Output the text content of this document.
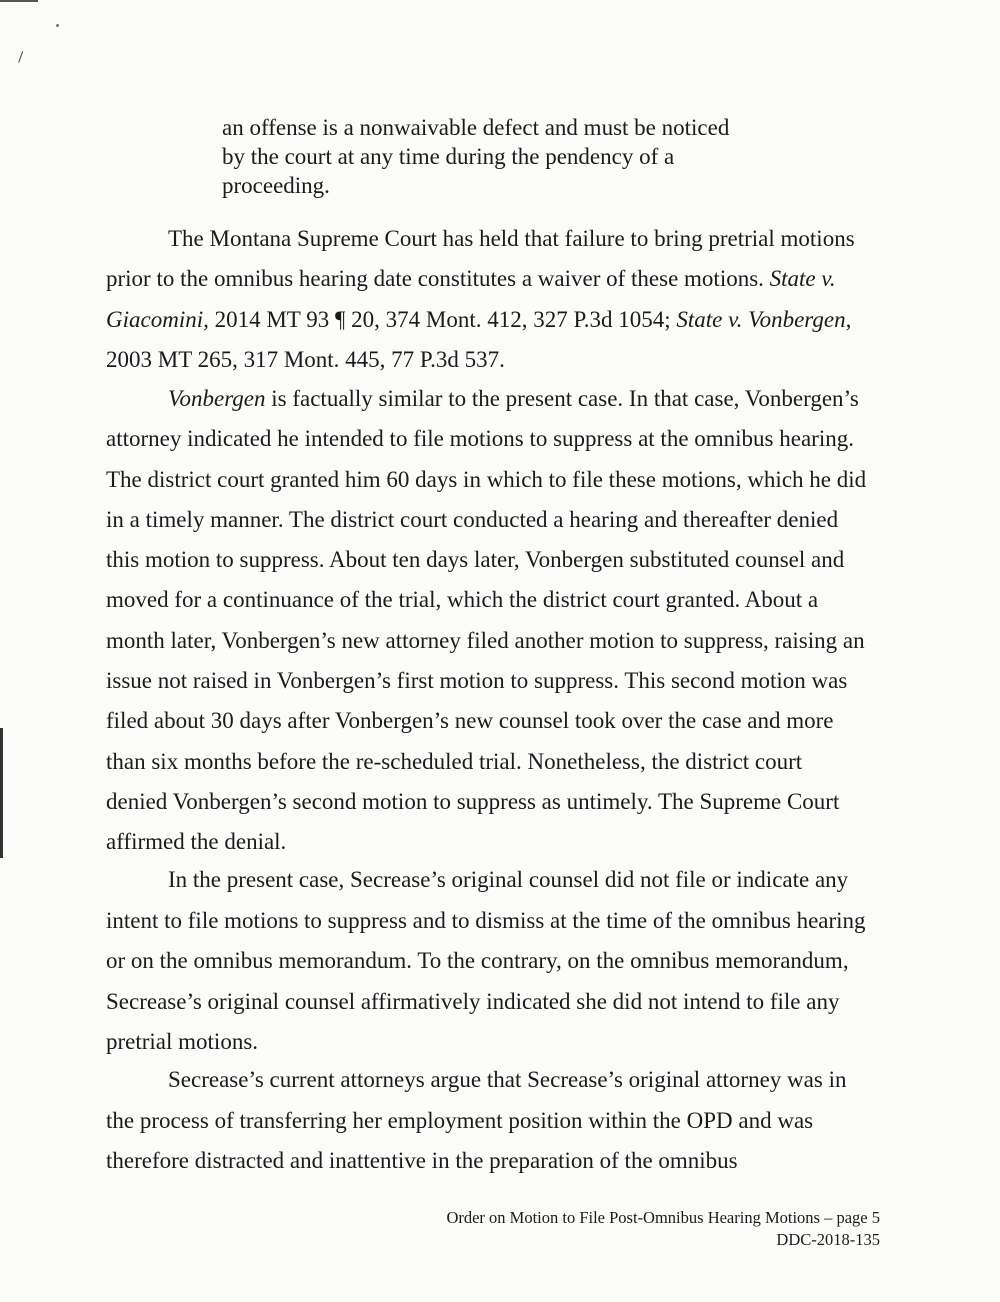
an offense is a nonwaivable defect and must be noticed
by the court at any time during the pendency of a
proceeding.

The Montana Supreme Court has held that failure to bring pretrial motions
prior to the omnibus hearing date constitutes a waiver of these motions. State v.
Giacomini, 2014 MT 93 ¶ 20, 374 Mont. 412, 327 P.3d 1054; State v. Vonbergen,
2003 MT 265, 317 Mont. 445, 77 P.3d 537.

Vonbergen is factually similar to the present case. In that case, Vonbergen’s
attorney indicated he intended to file motions to suppress at the omnibus hearing.
The district court granted him 60 days in which to file these motions, which he did
in a timely manner. The district court conducted a hearing and thereafter denied
this motion to suppress. About ten days later, Vonbergen substituted counsel and
moved for a continuance of the trial, which the district court granted. About a
month later, Vonbergen’s new attorney filed another motion to suppress, raising an
issue not raised in Vonbergen’s first motion to suppress. This second motion was
filed about 30 days after Vonbergen’s new counsel took over the case and more
than six months before the re-scheduled trial. Nonetheless, the district court
denied Vonbergen’s second motion to suppress as untimely. The Supreme Court
affirmed the denial.

In the present case, Secrease’s original counsel did not file or indicate any
intent to file motions to suppress and to dismiss at the time of the omnibus hearing
or on the omnibus memorandum. To the contrary, on the omnibus memorandum,
Secrease’s original counsel affirmatively indicated she did not intend to file any
pretrial motions.

Secrease’s current attorneys argue that Secrease’s original attorney was in
the process of transferring her employment position within the OPD and was
therefore distracted and inattentive in the preparation of the omnibus

Order on Motion to File Post-Omnibus Hearing Motions – page 5
DDC-2018-135
